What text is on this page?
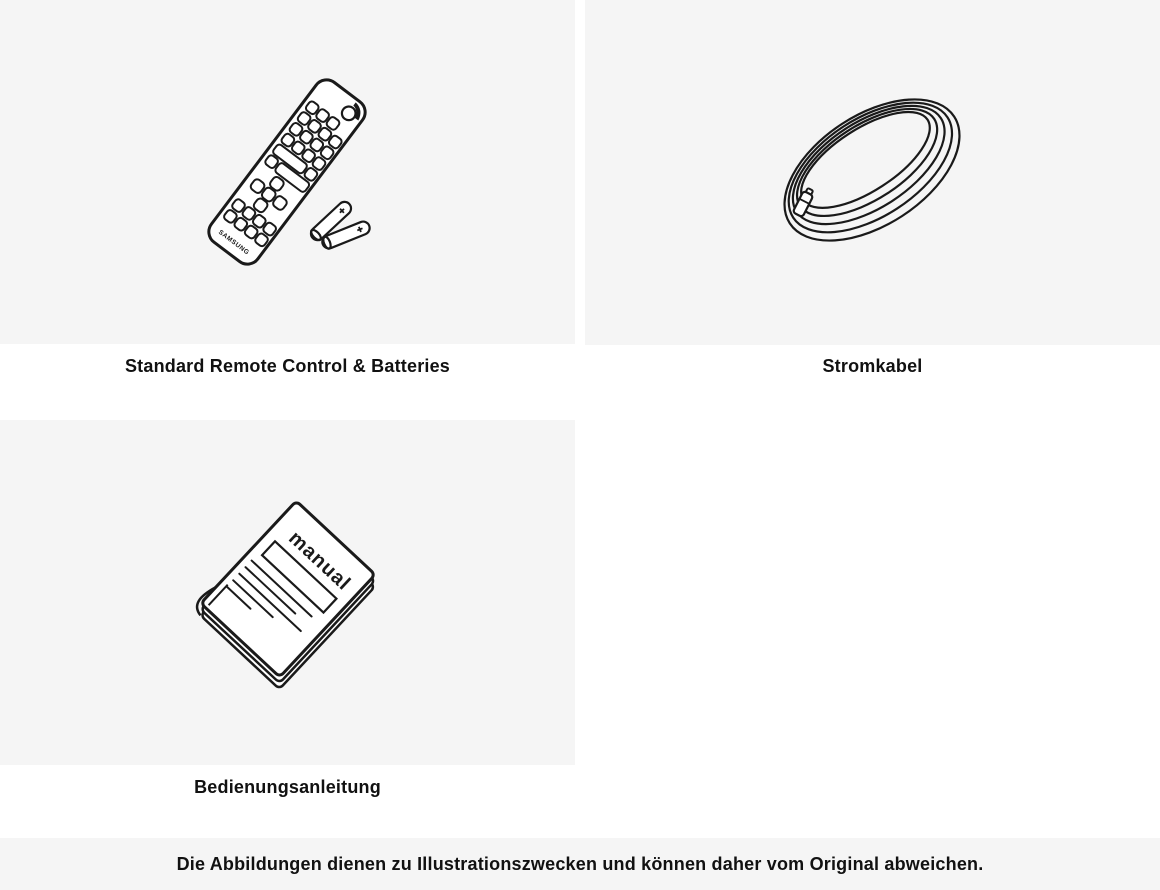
SAMSUNG
Standard Remote Control & Batteries	Stromkabel
manual
Bedienungsanleitung
Die Abbildungen dienen zu Illustrationszwecken und können daher vom Original abweichen.
